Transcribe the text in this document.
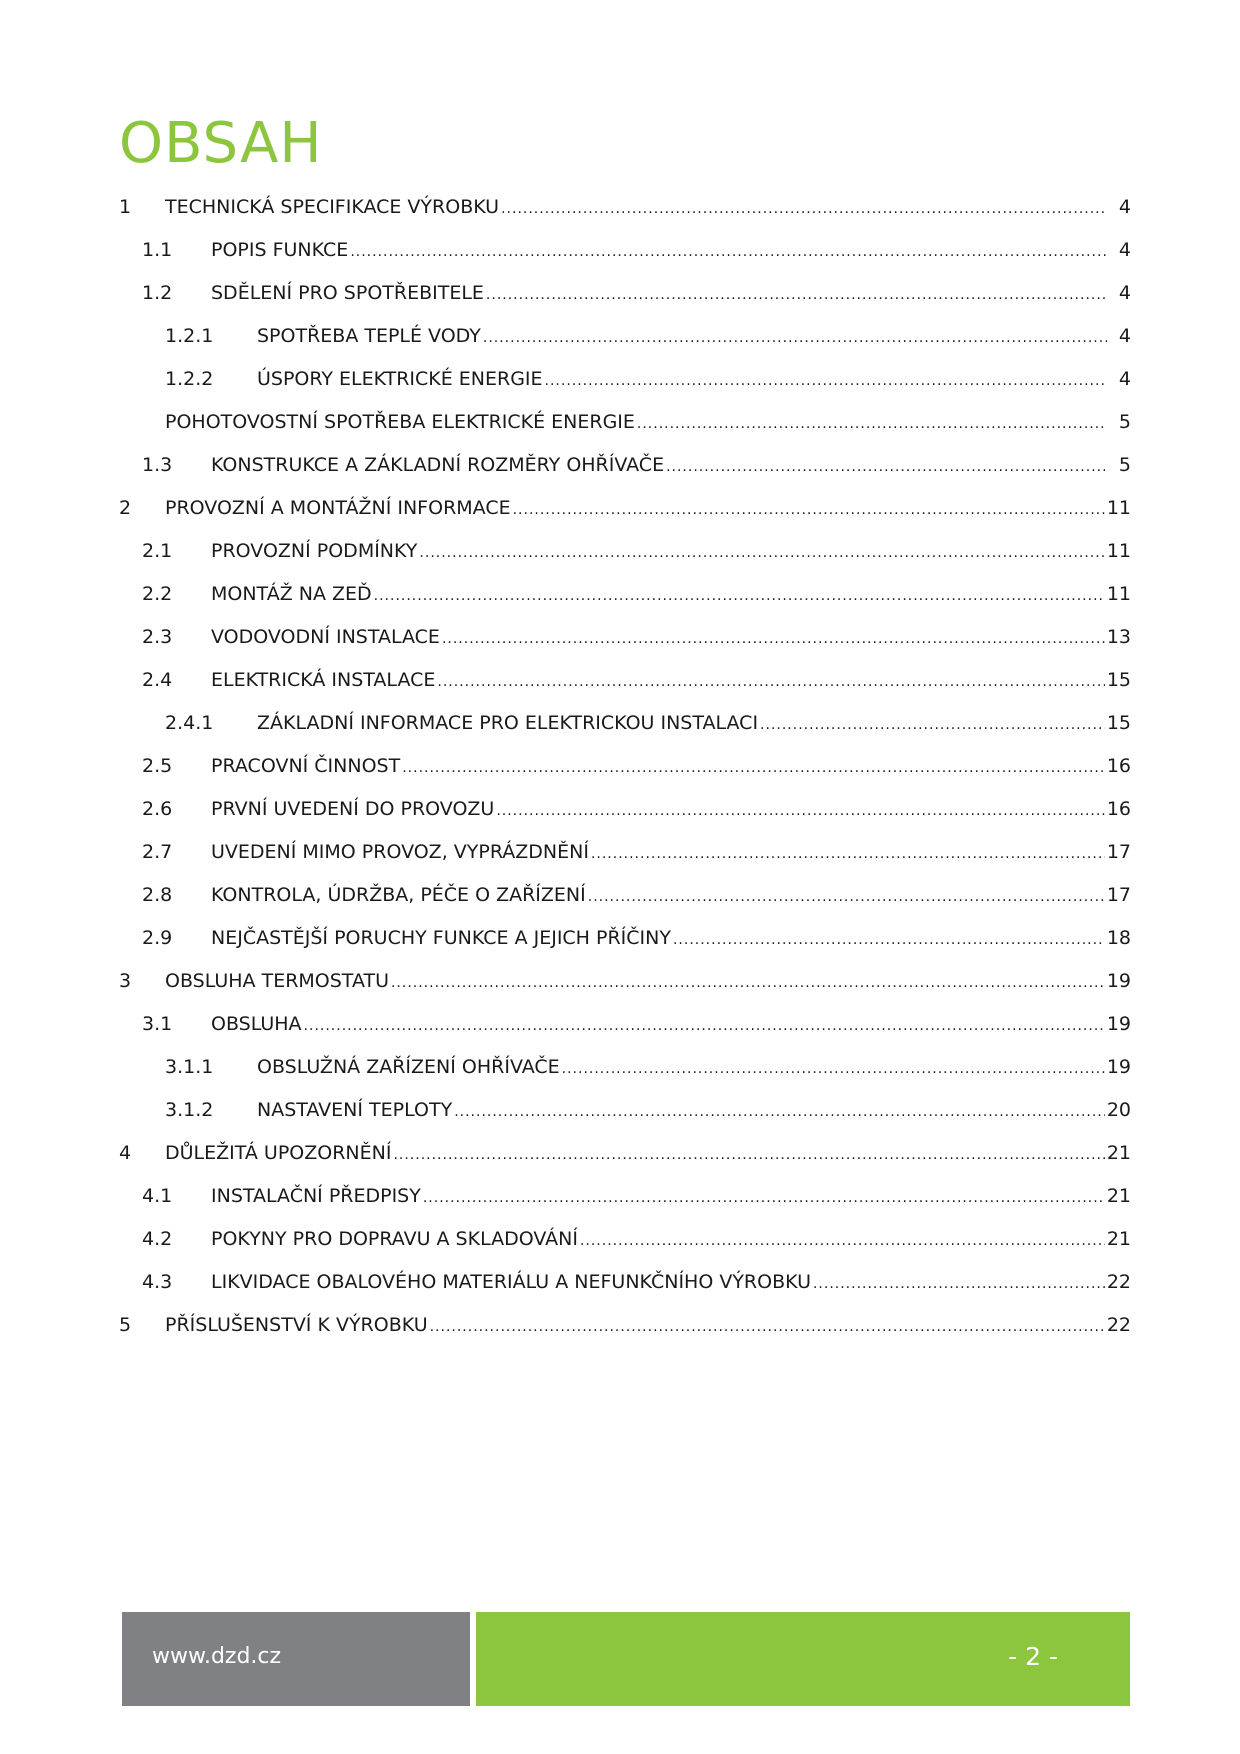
OBSAH
1	TECHNICKÁ SPECIFIKACE VÝROBKU .....	4
1.1	POPIS FUNKCE .....	4
1.2	SDĚLENÍ PRO SPOTŘEBITELE .....	4
1.2.1	SPOTŘEBA TEPLÉ VODY .....	4
1.2.2	ÚSPORY ELEKTRICKÉ ENERGIE .....	4
POHOTOVOSTNÍ SPOTŘEBA ELEKTRICKÉ ENERGIE .....	5
1.3	KONSTRUKCE A ZÁKLADNÍ ROZMĚRY OHŘÍVAČE .....	5
2	PROVOZNÍ A MONTÁŽNÍ INFORMACE .....	11
2.1	PROVOZNÍ PODMÍNKY .....	11
2.2	MONTÁŽ NA ZEĎ .....	11
2.3	VODOVODNÍ INSTALACE .....	13
2.4	ELEKTRICKÁ INSTALACE .....	15
2.4.1	ZÁKLADNÍ INFORMACE PRO ELEKTRICKOU INSTALACI .....	15
2.5	PRACOVNÍ ČINNOST .....	16
2.6	PRVNÍ UVEDENÍ DO PROVOZU .....	16
2.7	UVEDENÍ MIMO PROVOZ, VYPRÁZDNĚNÍ .....	17
2.8	KONTROLA, ÚDRŽBA, PÉČE O ZAŘÍZENÍ .....	17
2.9	NEJČASTĚJŠÍ PORUCHY FUNKCE A JEJICH PŘÍČINY .....	18
3	OBSLUHA TERMOSTATU .....	19
3.1	OBSLUHA .....	19
3.1.1	OBSLUŽNÁ ZAŘÍZENÍ OHŘÍVAČE .....	19
3.1.2	NASTAVENÍ TEPLOTY .....	20
4	DŮLEŽITÁ UPOZORNĚNÍ .....	21
4.1	INSTALAČNÍ PŘEDPISY .....	21
4.2	POKYNY PRO DOPRAVU A SKLADOVÁNÍ .....	21
4.3	LIKVIDACE OBALOVÉHO MATERIÁLU A NEFUNKČNÍHO VÝROBKU .....	22
5	PŘÍSLUŠENSTVÍ K VÝROBKU .....	22
www.dzd.cz	- 2 -
